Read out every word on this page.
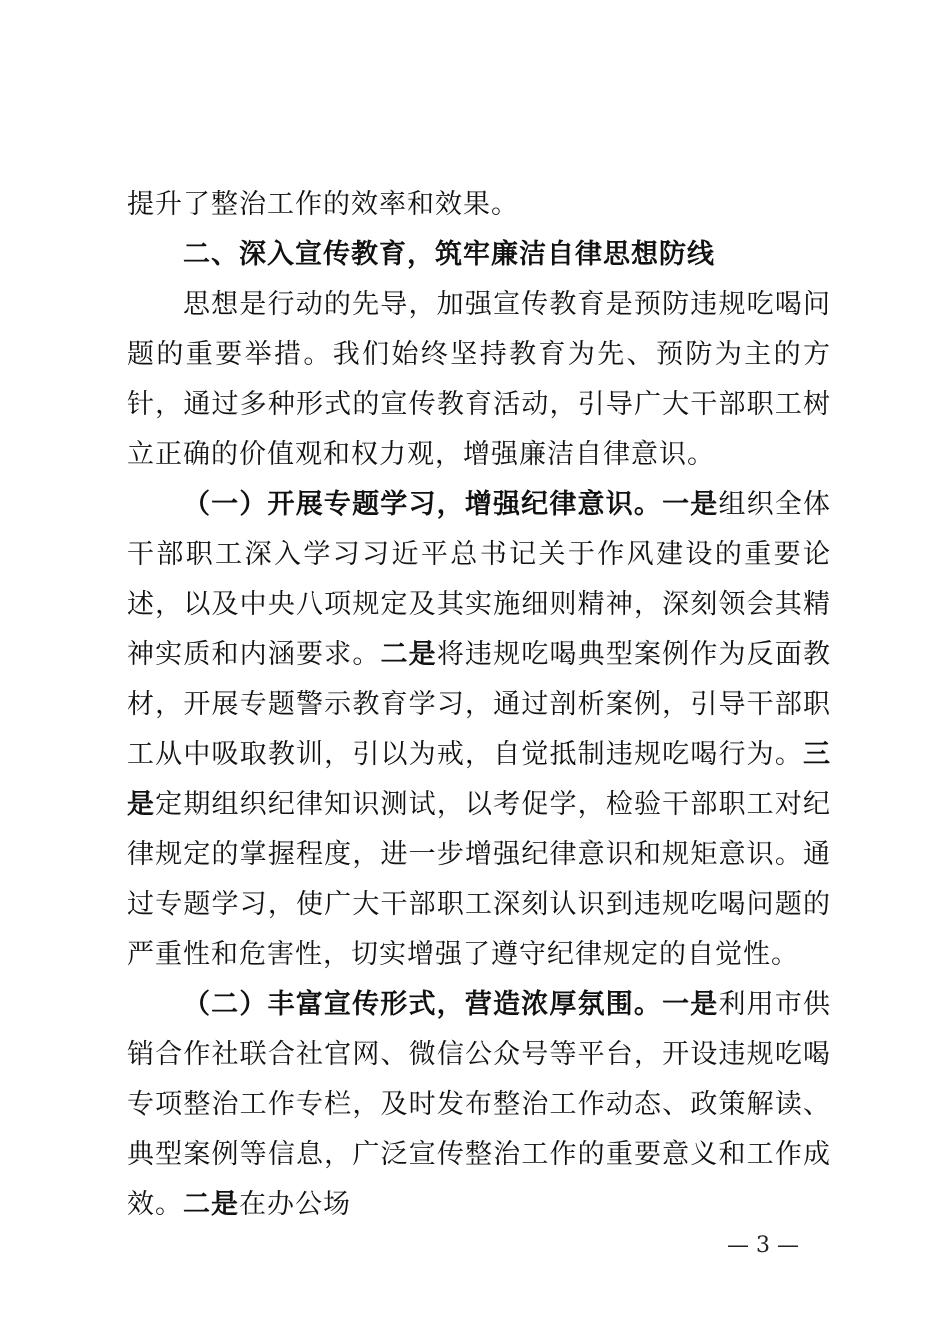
提升了整治工作的效率和效果。

二、深入宣传教育，筑牢廉洁自律思想防线

思想是行动的先导，加强宣传教育是预防违规吃喝问题的重要举措。我们始终坚持教育为先、预防为主的方针，通过多种形式的宣传教育活动，引导广大干部职工树立正确的价值观和权力观，增强廉洁自律意识。

（一）开展专题学习，增强纪律意识。一是组织全体干部职工深入学习习近平总书记关于作风建设的重要论述，以及中央八项规定及其实施细则精神，深刻领会其精神实质和内涵要求。二是将违规吃喝典型案例作为反面教材，开展专题警示教育学习，通过剖析案例，引导干部职工从中吸取教训，引以为戒，自觉抵制违规吃喝行为。三是定期组织纪律知识测试，以考促学，检验干部职工对纪律规定的掌握程度，进一步增强纪律意识和规矩意识。通过专题学习，使广大干部职工深刻认识到违规吃喝问题的严重性和危害性，切实增强了遵守纪律规定的自觉性。

（二）丰富宣传形式，营造浓厚氛围。一是利用市供销合作社联合社官网、微信公众号等平台，开设违规吃喝专项整治工作专栏，及时发布整治工作动态、政策解读、典型案例等信息，广泛宣传整治工作的重要意义和工作成效。二是在办公场

— 3 —
